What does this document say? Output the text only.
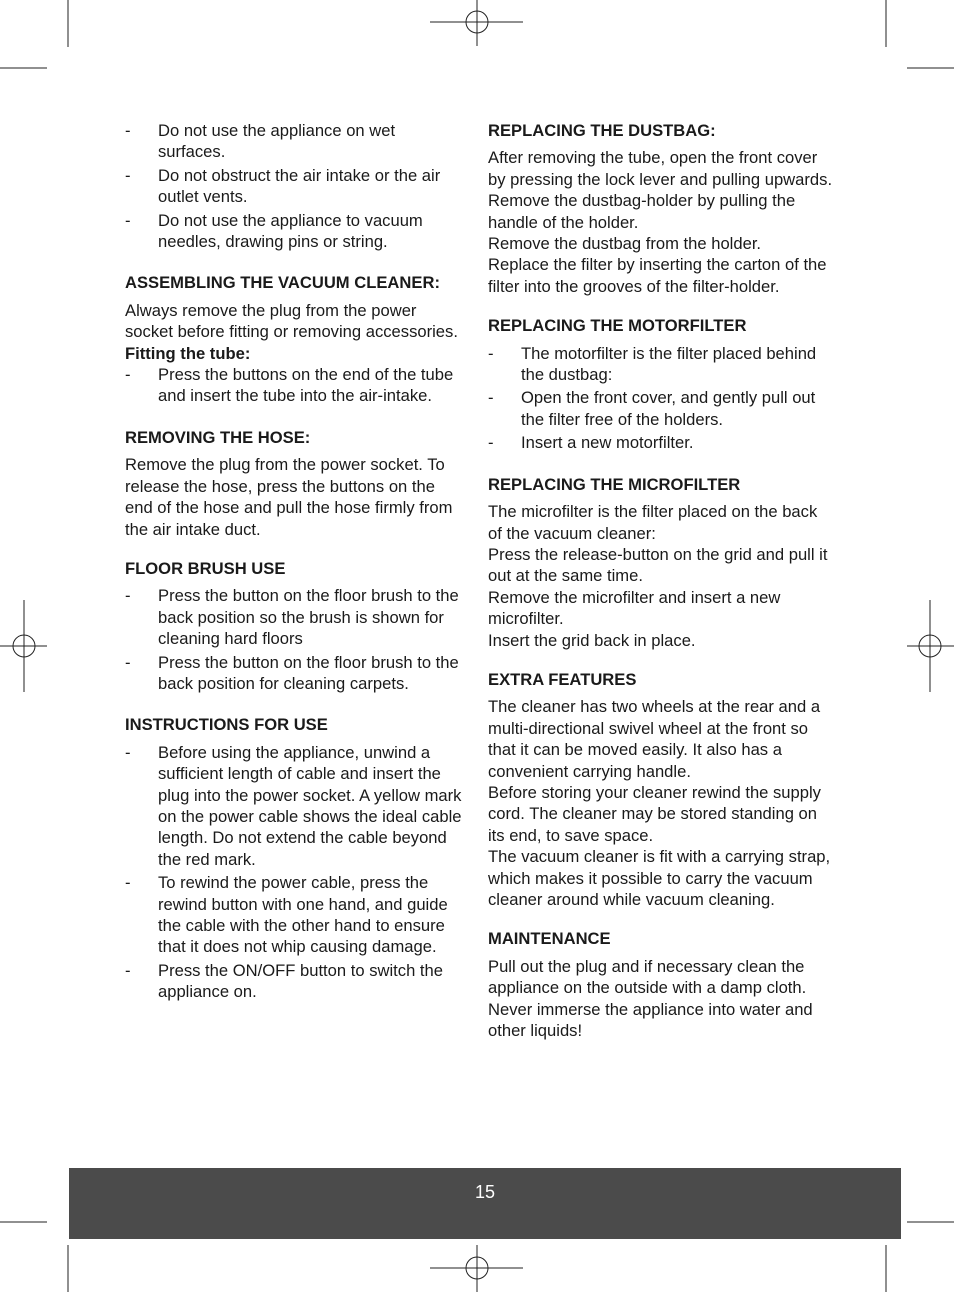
- Do not use the appliance on wet surfaces.
- Do not obstruct the air intake or the air outlet vents.
- Do not use the appliance to vacuum needles, drawing pins or string.
ASSEMBLING THE VACUUM CLEANER:

Always remove the plug from the power socket before fitting or removing accessories.

Fitting the tube:
- Press the buttons on the end of the tube and insert the tube into the air-intake.
REMOVING THE HOSE:

Remove the plug from the power socket. To release the hose, press the buttons on the end of the hose and pull the hose firmly from the air intake duct.

FLOOR BRUSH USE
- Press the button on the floor brush to the back position so the brush is shown for cleaning hard floors
- Press the button on the floor brush to the back position for cleaning carpets.
INSTRUCTIONS FOR USE
- Before using the appliance, unwind a sufficient length of cable and insert the plug into the power socket. A yellow mark on the power cable shows the ideal cable length. Do not extend the cable beyond the red mark.
- To rewind the power cable, press the rewind button with one hand, and guide the cable with the other hand to ensure that it does not whip causing damage.
- Press the ON/OFF button to switch the appliance on.
REPLACING THE DUSTBAG:

After removing the tube, open the front cover by pressing the lock lever and pulling upwards.

Remove the dustbag-holder by pulling the handle of the holder.

Remove the dustbag from the holder.

Replace the filter by inserting the carton of the filter into the grooves of the filter-holder.

REPLACING THE MOTORFILTER
- The motorfilter is the filter placed behind the dustbag:
- Open the front cover, and gently pull out the filter free of the holders.
- Insert a new motorfilter.
REPLACING THE MICROFILTER

The microfilter is the filter placed on the back of the vacuum cleaner:

Press the release-button on the grid and pull it out at the same time.

Remove the microfilter and insert a new microfilter.

Insert the grid back in place.

EXTRA FEATURES

The cleaner has two wheels at the rear and a multi-directional swivel wheel at the front so that it can be moved easily. It also has a convenient carrying handle.

Before storing your cleaner rewind the supply cord. The cleaner may be stored standing on its end, to save space.

The vacuum cleaner is fit with a carrying strap, which makes it possible to carry the vacuum cleaner around while vacuum cleaning.

MAINTENANCE

Pull out the plug and if necessary clean the appliance on the outside with a damp cloth. Never immerse the appliance into water and other liquids!

15
